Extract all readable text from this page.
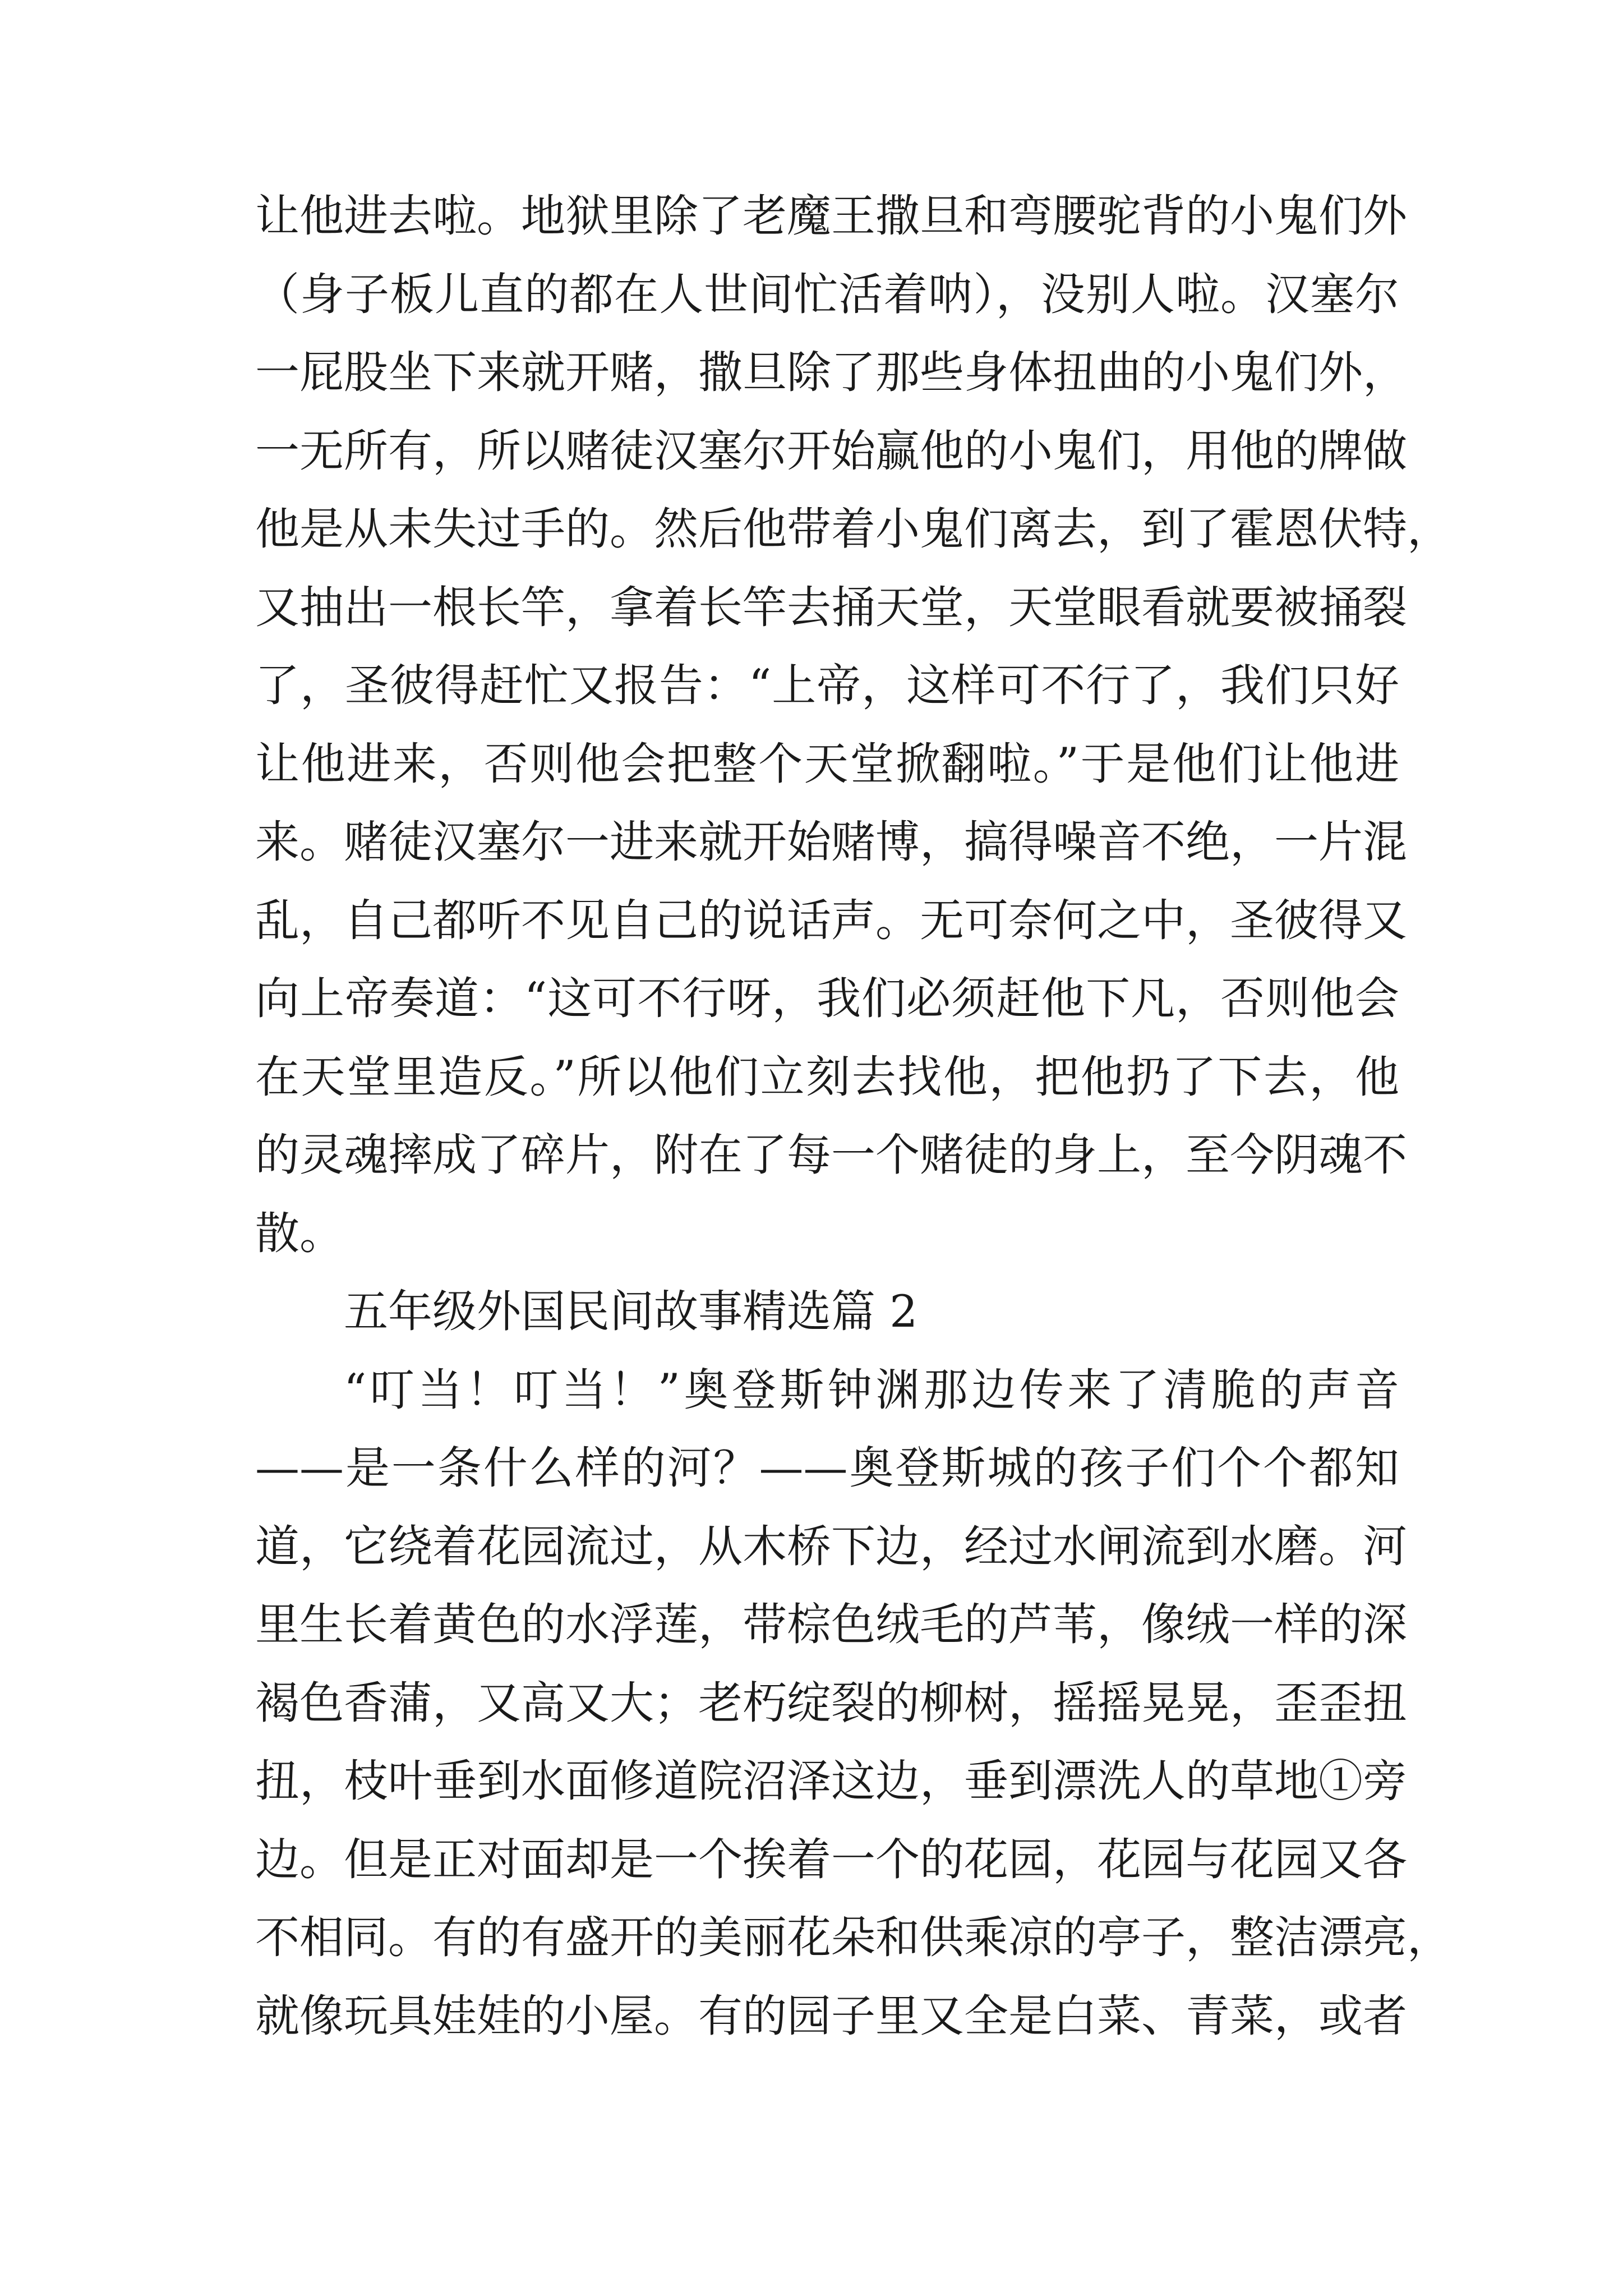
让他进去啦。地狱里除了老魔王撒旦和弯腰驼背的小鬼们外
（身子板儿直的都在人世间忙活着呐），没别人啦。汉塞尔
一屁股坐下来就开赌，撒旦除了那些身体扭曲的小鬼们外，
一无所有，所以赌徒汉塞尔开始赢他的小鬼们，用他的牌做
他是从未失过手的。然后他带着小鬼们离去，到了霍恩伏特，
又抽出一根长竿，拿着长竿去捅天堂，天堂眼看就要被捅裂
了，圣彼得赶忙又报告：“上帝，这样可不行了，我们只好
让他进来，否则他会把整个天堂掀翻啦。”于是他们让他进
来。赌徒汉塞尔一进来就开始赌博，搞得噪音不绝，一片混
乱，自己都听不见自己的说话声。无可奈何之中，圣彼得又
向上帝奏道：“这可不行呀，我们必须赶他下凡，否则他会
在天堂里造反。”所以他们立刻去找他，把他扔了下去，他
的灵魂摔成了碎片，附在了每一个赌徒的身上，至今阴魂不
散。
五年级外国民间故事精选篇 2
“叮当！叮当！”奥登斯钟渊那边传来了清脆的声音
——是一条什么样的河？——奥登斯城的孩子们个个都知
道，它绕着花园流过，从木桥下边，经过水闸流到水磨。河
里生长着黄色的水浮莲，带棕色绒毛的芦苇，像绒一样的深
褐色香蒲，又高又大；老朽绽裂的柳树，摇摇晃晃，歪歪扭
扭，枝叶垂到水面修道院沼泽这边，垂到漂洗人的草地①旁
边。但是正对面却是一个挨着一个的花园，花园与花园又各
不相同。有的有盛开的美丽花朵和供乘凉的亭子，整洁漂亮，
就像玩具娃娃的小屋。有的园子里又全是白菜、青菜，或者
